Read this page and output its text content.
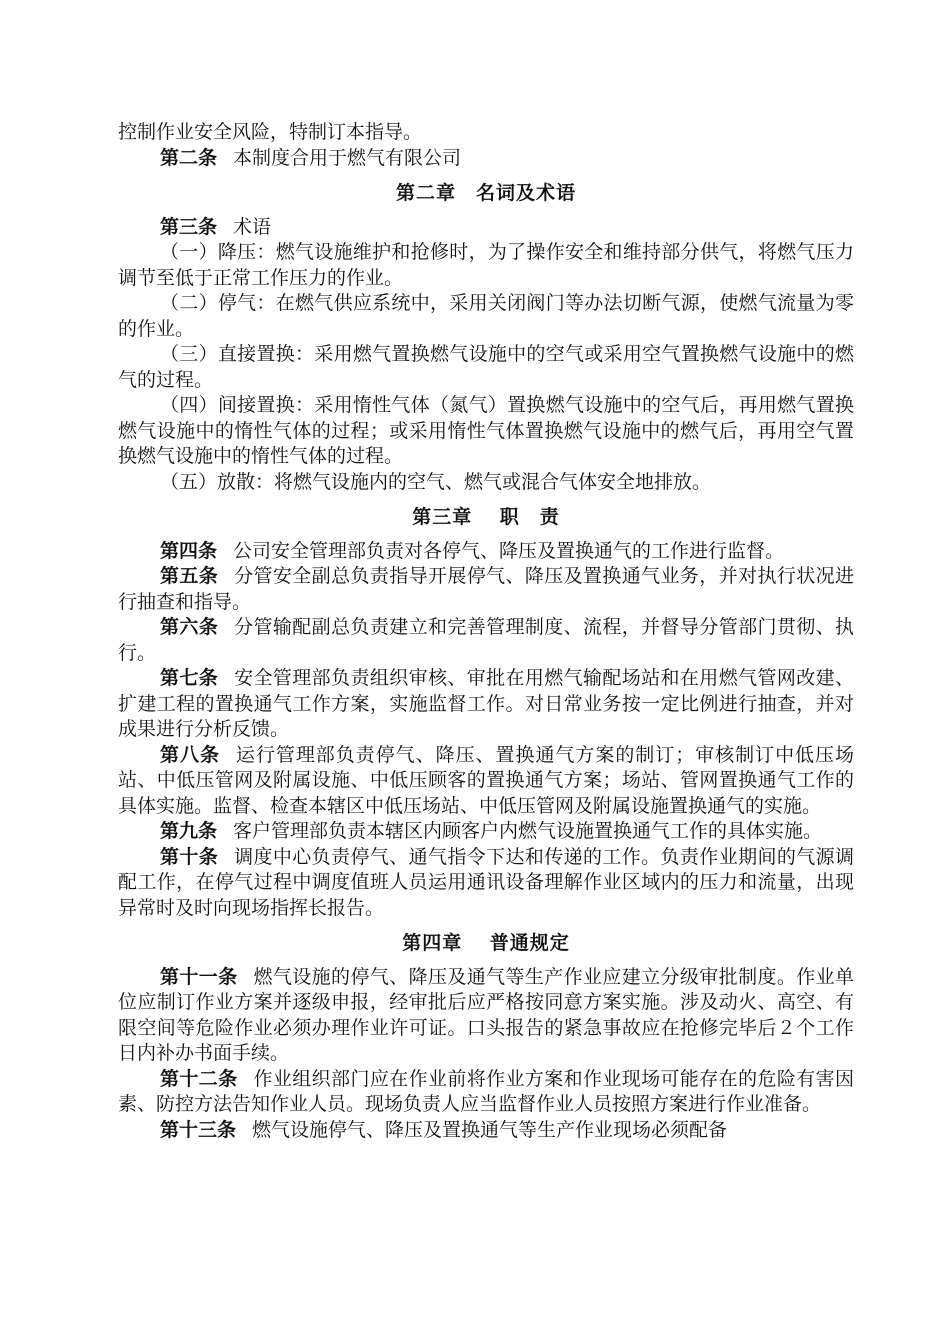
控制作业安全风险，特制订本指导。

第二条 本制度合用于燃气有限公司

第二章　名词及术语

第三条 术语

（一）降压：燃气设施维护和抢修时，为了操作安全和维持部分供气，将燃气压力调节至低于正常工作压力的作业。

（二）停气：在燃气供应系统中，采用关闭阀门等办法切断气源，使燃气流量为零的作业。

（三）直接置换：采用燃气置换燃气设施中的空气或采用空气置换燃气设施中的燃气的过程。

（四）间接置换：采用惰性气体（氮气）置换燃气设施中的空气后，再用燃气置换燃气设施中的惰性气体的过程；或采用惰性气体置换燃气设施中的燃气后，再用空气置换燃气设施中的惰性气体的过程。

（五）放散：将燃气设施内的空气、燃气或混合气体安全地排放。

第三章　 职　责

第四条 公司安全管理部负责对各停气、降压及置换通气的工作进行监督。

第五条 分管安全副总负责指导开展停气、降压及置换通气业务，并对执行状况进行抽查和指导。

第六条 分管输配副总负责建立和完善管理制度、流程，并督导分管部门贯彻、执行。

第七条 安全管理部负责组织审核、审批在用燃气输配场站和在用燃气管网改建、扩建工程的置换通气工作方案，实施监督工作。对日常业务按一定比例进行抽查，并对成果进行分析反馈。

第八条 运行管理部负责停气、降压、置换通气方案的制订；审核制订中低压场站、中低压管网及附属设施、中低压顾客的置换通气方案；场站、管网置换通气工作的具体实施。监督、检查本辖区中低压场站、中低压管网及附属设施置换通气的实施。

第九条 客户管理部负责本辖区内顾客户内燃气设施置换通气工作的具体实施。

第十条 调度中心负责停气、通气指令下达和传递的工作。负责作业期间的气源调配工作，在停气过程中调度值班人员运用通讯设备理解作业区域内的压力和流量，出现异常时及时向现场指挥长报告。

第四章　 普通规定

第十一条 燃气设施的停气、降压及通气等生产作业应建立分级审批制度。作业单位应制订作业方案并逐级申报，经审批后应严格按同意方案实施。涉及动火、高空、有限空间等危险作业必须办理作业许可证。口头报告的紧急事故应在抢修完毕后２个工作日内补办书面手续。

第十二条 作业组织部门应在作业前将作业方案和作业现场可能存在的危险有害因素、防控方法告知作业人员。现场负责人应当监督作业人员按照方案进行作业准备。

第十三条 燃气设施停气、降压及置换通气等生产作业现场必须配备
